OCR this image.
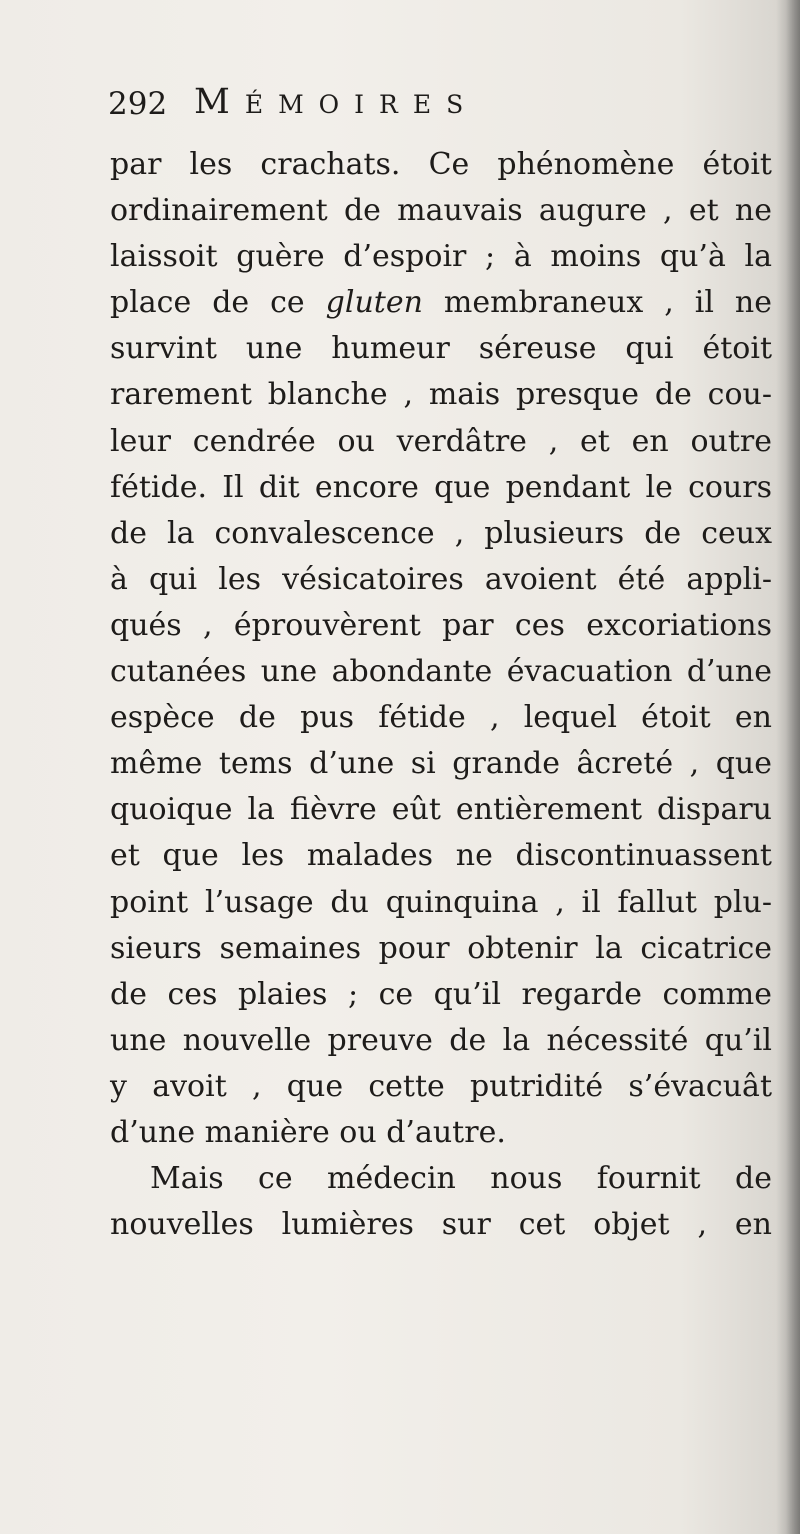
292 Mémoires
par les crachats. Ce phénomène étoit
ordinairement de mauvais augure , et ne
laissoit guère d’espoir ; à moins qu’à la
place de ce gluten membraneux , il ne
survint une humeur séreuse qui étoit
rarement blanche , mais presque de cou-
leur cendrée ou verdâtre , et en outre
fétide. Il dit encore que pendant le cours
de la convalescence , plusieurs de ceux
à qui les vésicatoires avoient été appli-
qués , éprouvèrent par ces excoriations
cutanées une abondante évacuation d’une
espèce de pus fétide , lequel étoit en
même tems d’une si grande âcreté , que
quoique la fièvre eût entièrement disparu
et que les malades ne discontinuassent
point l’usage du quinquina , il fallut plu-
sieurs semaines pour obtenir la cicatrice
de ces plaies ; ce qu’il regarde comme
une nouvelle preuve de la nécessité qu’il
y avoit , que cette putridité s’évacuât
d’une manière ou d’autre.
Mais ce médecin nous fournit de
nouvelles lumières sur cet objet , en
